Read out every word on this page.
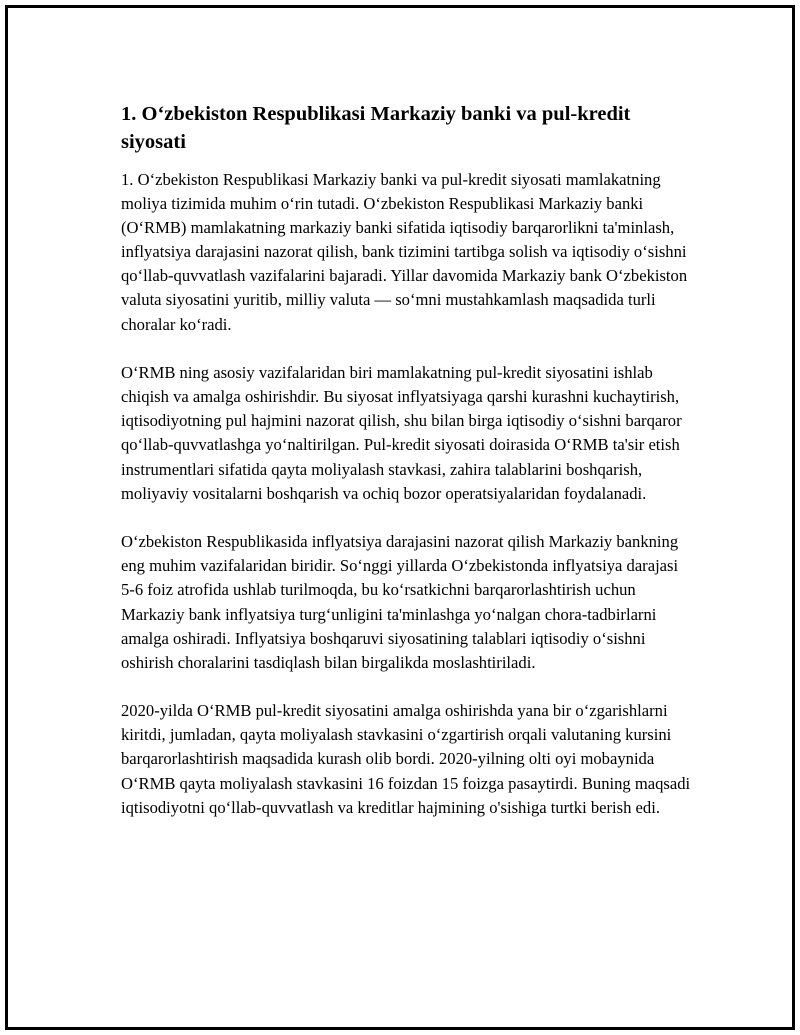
1. O‘zbekiston Respublikasi Markaziy banki va pul-kredit siyosati

1. O‘zbekiston Respublikasi Markaziy banki va pul-kredit siyosati mamlakatning moliya tizimida muhim o‘rin tutadi. O‘zbekiston Respublikasi Markaziy banki (O‘RMB) mamlakatning markaziy banki sifatida iqtisodiy barqarorlikni ta'minlash, inflyatsiya darajasini nazorat qilish, bank tizimini tartibga solish va iqtisodiy o‘sishni qo‘llab-quvvatlash vazifalarini bajaradi. Yillar davomida Markaziy bank O‘zbekiston valuta siyosatini yuritib, milliy valuta — so‘mni mustahkamlash maqsadida turli choralar ko‘radi.

O‘RMB ning asosiy vazifalaridan biri mamlakatning pul-kredit siyosatini ishlab chiqish va amalga oshirishdir. Bu siyosat inflyatsiyaga qarshi kurashni kuchaytirish, iqtisodiyotning pul hajmini nazorat qilish, shu bilan birga iqtisodiy o‘sishni barqaror qo‘llab-quvvatlashga yo‘naltirilgan. Pul-kredit siyosati doirasida O‘RMB ta'sir etish instrumentlari sifatida qayta moliyalash stavkasi, zahira talablarini boshqarish, moliyaviy vositalarni boshqarish va ochiq bozor operatsiyalaridan foydalanadi.

O‘zbekiston Respublikasida inflyatsiya darajasini nazorat qilish Markaziy bankning eng muhim vazifalaridan biridir. So‘nggi yillarda O‘zbekistonda inflyatsiya darajasi 5-6 foiz atrofida ushlab turilmoqda, bu ko‘rsatkichni barqarorlashtirish uchun Markaziy bank inflyatsiya turg‘unligini ta'minlashga yo‘nalgan chora-tadbirlarni amalga oshiradi. Inflyatsiya boshqaruvi siyosatining talablari iqtisodiy o‘sishni oshirish choralarini tasdiqlash bilan birgalikda moslashtiriladi.

2020-yilda O‘RMB pul-kredit siyosatini amalga oshirishda yana bir o‘zgarishlarni kiritdi, jumladan, qayta moliyalash stavkasini o‘zgartirish orqali valutaning kursini barqarorlashtirish maqsadida kurash olib bordi. 2020-yilning olti oyi mobaynida O‘RMB qayta moliyalash stavkasini 16 foizdan 15 foizga pasaytirdi. Buning maqsadi iqtisodiyotni qo‘llab-quvvatlash va kreditlar hajmining o'sishiga turtki berish edi.
